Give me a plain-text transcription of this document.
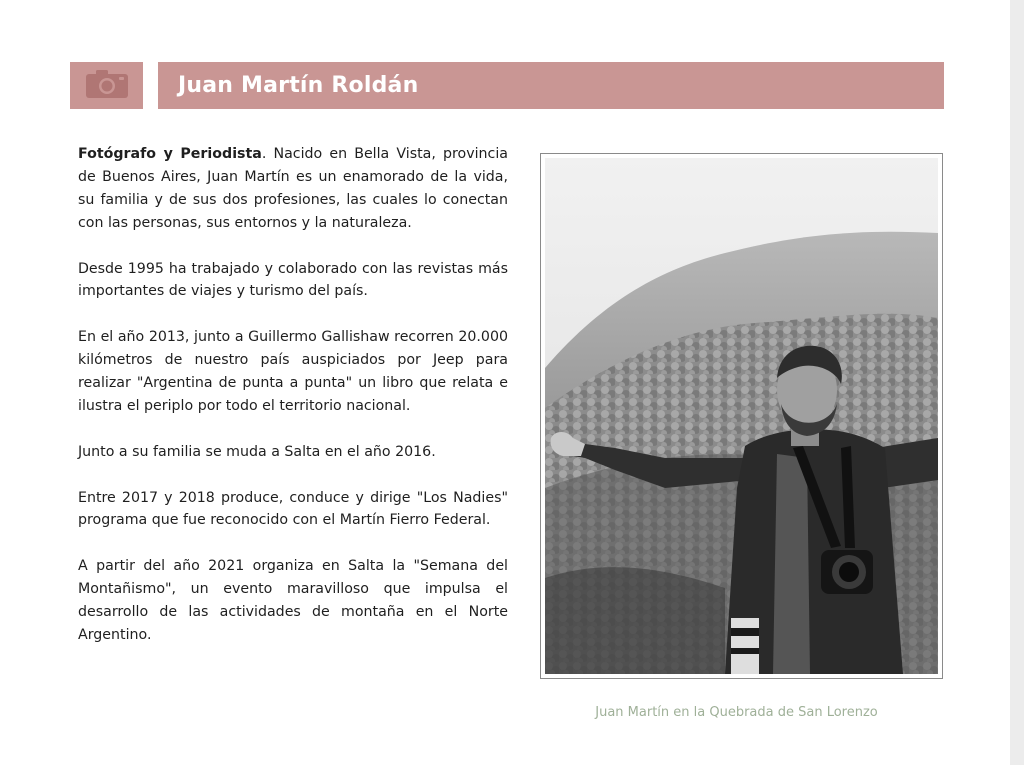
Juan Martín Roldán

Fotógrafo y Periodista. Nacido en Bella Vista, provincia de Buenos Aires, Juan Martín es un enamorado de la vida, su familia y de sus dos profesiones, las cuales lo conectan con las personas, sus entornos y la naturaleza.

Desde 1995 ha trabajado y colaborado con las revistas más importantes de viajes y turismo del país.

En el año 2013, junto a Guillermo Gallishaw recorren 20.000 kilómetros de nuestro país auspiciados por Jeep para realizar "Argentina de punta a punta" un libro que relata e ilustra el periplo por todo el territorio nacional.

Junto a su familia se muda a Salta en el año 2016.

Entre 2017 y 2018 produce, conduce y dirige "Los Nadies" programa que fue reconocido con el Martín Fierro Federal.

A partir del año 2021 organiza en Salta la "Semana del Montañismo", un evento maravilloso que impulsa el desarrollo de las actividades de montaña en el Norte Argentino.

Juan Martín en la Quebrada de San Lorenzo
